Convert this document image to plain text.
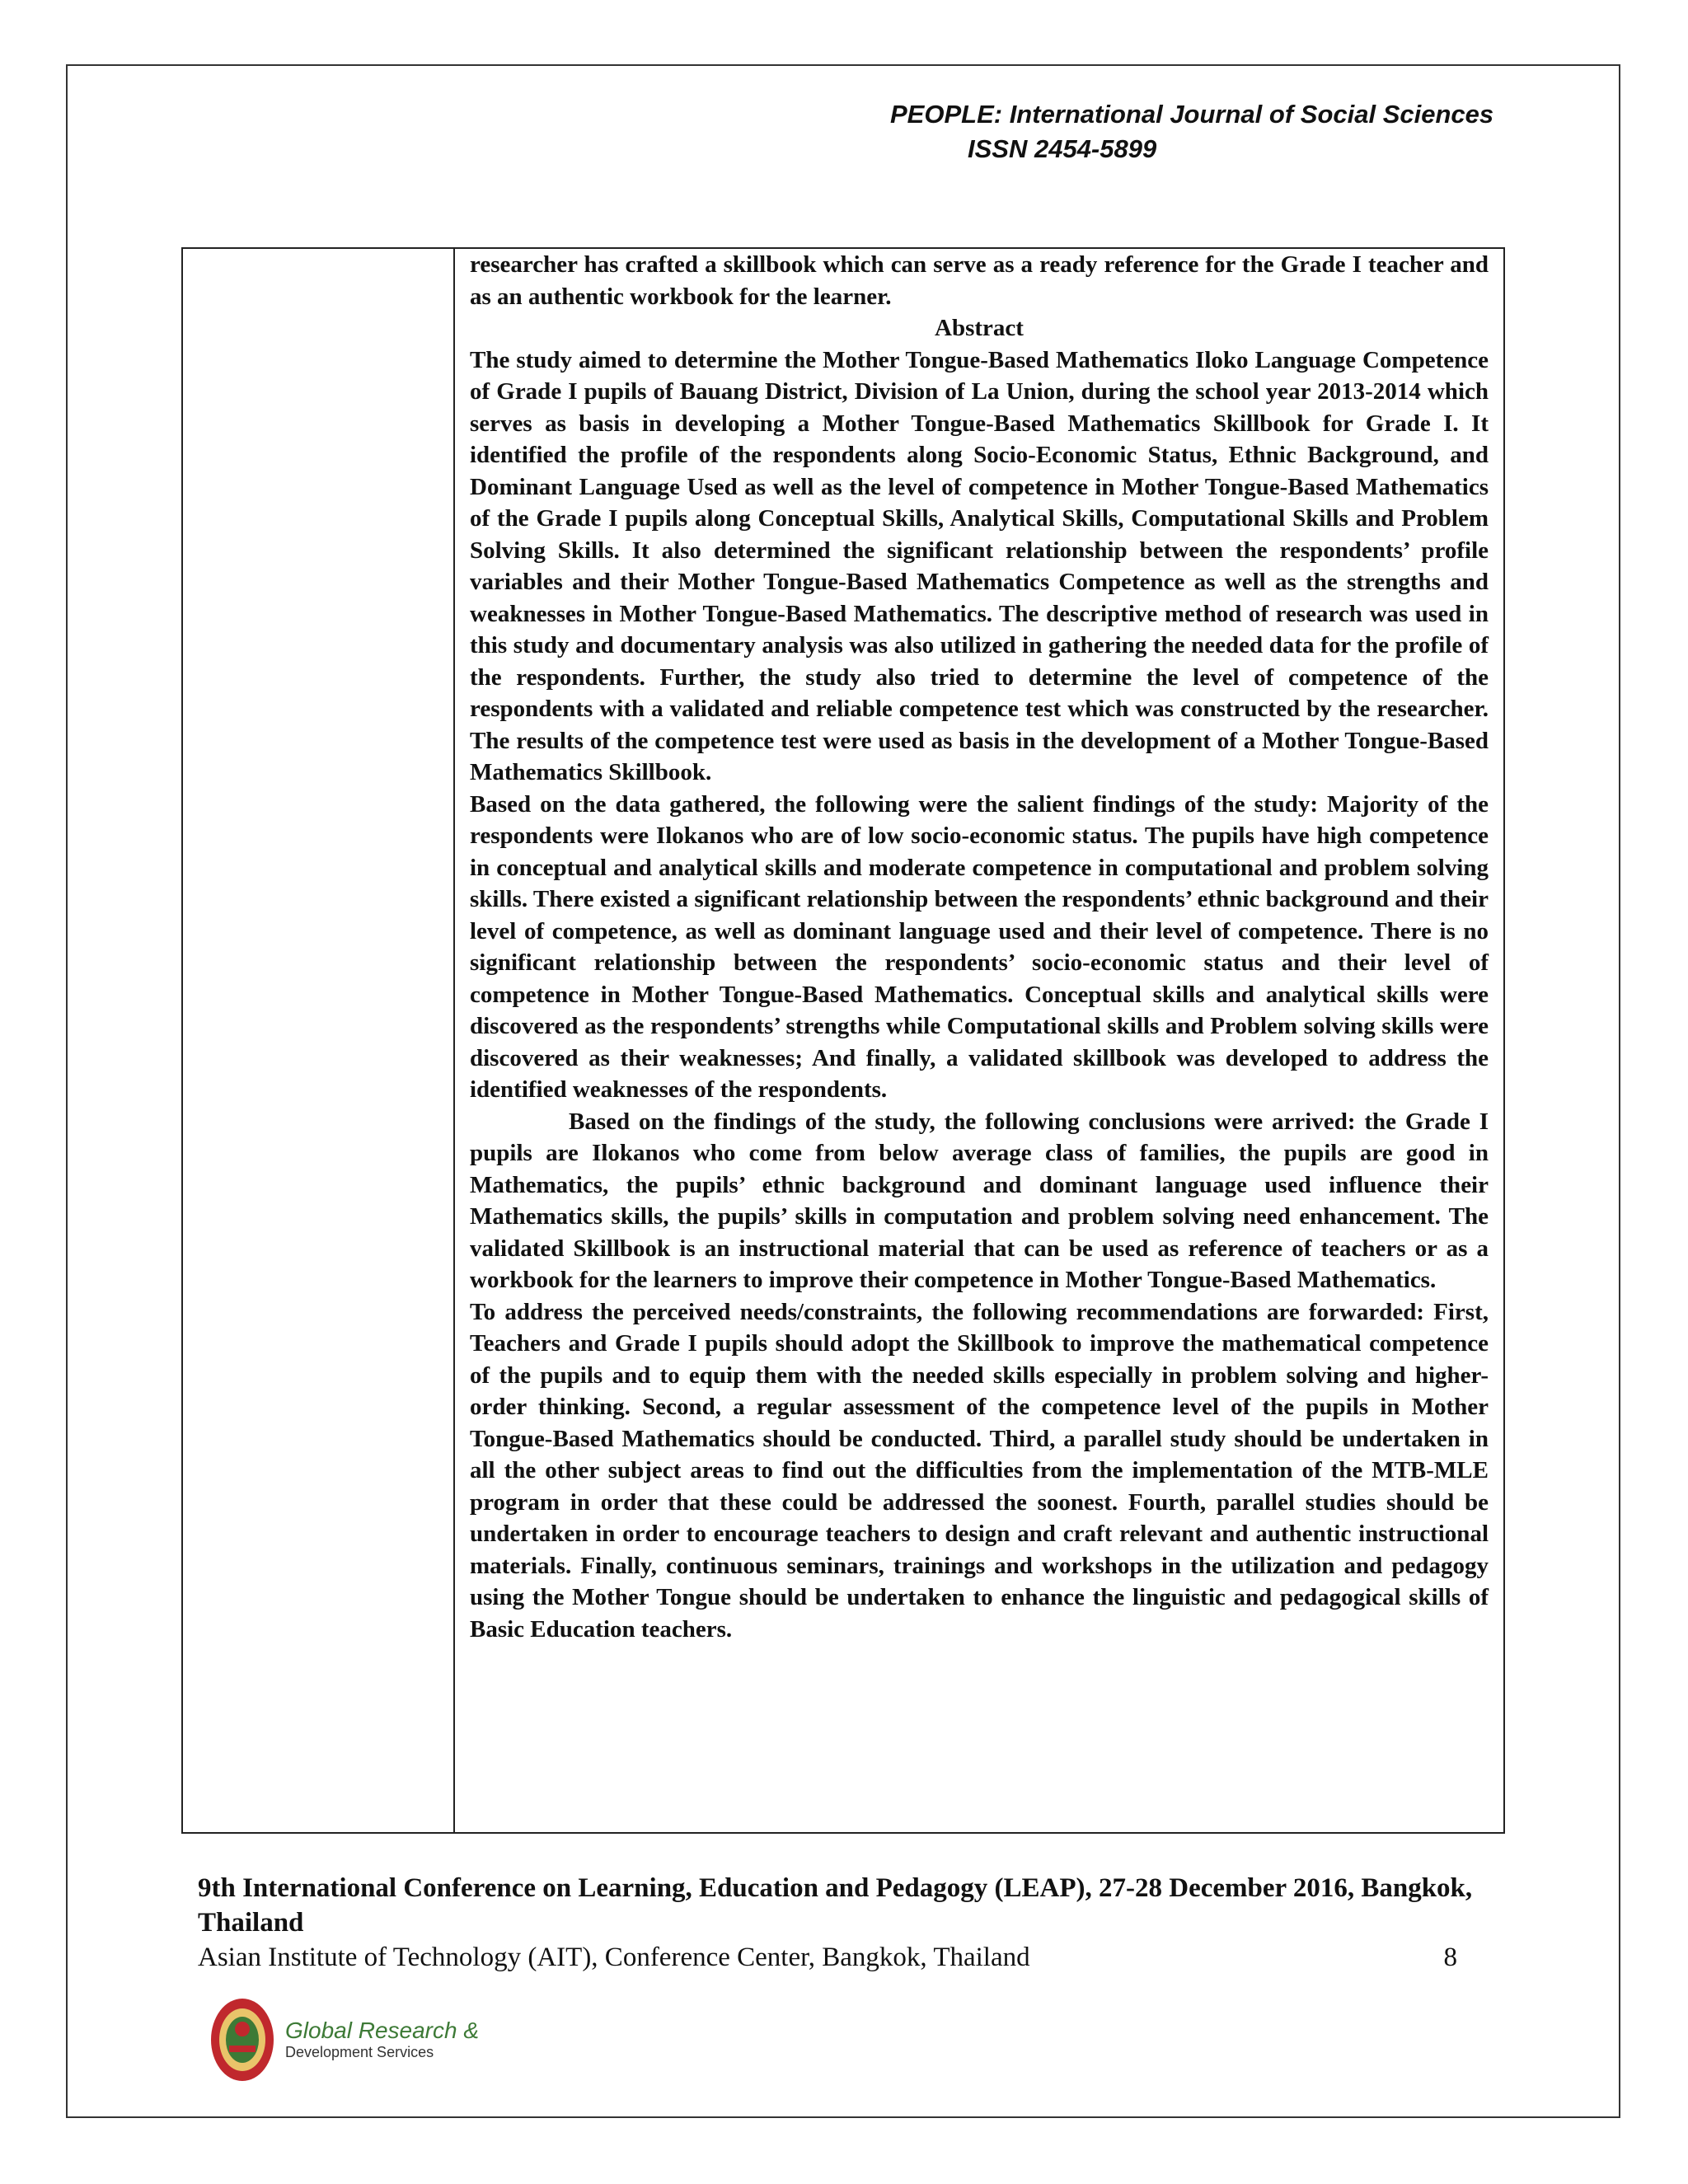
PEOPLE: International Journal of Social Sciences
ISSN 2454-5899

researcher has crafted a skillbook which can serve as a ready reference for the Grade I teacher and as an authentic workbook for the learner.

Abstract

The study aimed to determine the Mother Tongue-Based Mathematics Iloko Language Competence of Grade I pupils of Bauang District, Division of La Union, during the school year 2013-2014 which serves as basis in developing a Mother Tongue-Based Mathematics Skillbook for Grade I. It identified the profile of the respondents along Socio-Economic Status, Ethnic Background, and Dominant Language Used as well as the level of competence in Mother Tongue-Based Mathematics of the Grade I pupils along Conceptual Skills, Analytical Skills, Computational Skills and Problem Solving Skills. It also determined the significant relationship between the respondents’ profile variables and their Mother Tongue-Based Mathematics Competence as well as the strengths and weaknesses in Mother Tongue-Based Mathematics. The descriptive method of research was used in this study and documentary analysis was also utilized in gathering the needed data for the profile of the respondents. Further, the study also tried to determine the level of competence of the respondents with a validated and reliable competence test which was constructed by the researcher. The results of the competence test were used as basis in the development of a Mother Tongue-Based Mathematics Skillbook.

Based on the data gathered, the following were the salient findings of the study: Majority of the respondents were Ilokanos who are of low socio-economic status. The pupils have high competence in conceptual and analytical skills and moderate competence in computational and problem solving skills. There existed a significant relationship between the respondents’ ethnic background and their level of competence, as well as dominant language used and their level of competence. There is no significant relationship between the respondents’ socio-economic status and their level of competence in Mother Tongue-Based Mathematics. Conceptual skills and analytical skills were discovered as the respondents’ strengths while Computational skills and Problem solving skills were discovered as their weaknesses; And finally, a validated skillbook was developed to address the identified weaknesses of the respondents.

Based on the findings of the study, the following conclusions were arrived: the Grade I pupils are Ilokanos who come from below average class of families, the pupils are good in Mathematics, the pupils’ ethnic background and dominant language used influence their Mathematics skills, the pupils’ skills in computation and problem solving need enhancement. The validated Skillbook is an instructional material that can be used as reference of teachers or as a workbook for the learners to improve their competence in Mother Tongue-Based Mathematics.

To address the perceived needs/constraints, the following recommendations are forwarded: First, Teachers and Grade I pupils should adopt the Skillbook to improve the mathematical competence of the pupils and to equip them with the needed skills especially in problem solving and higher-order thinking. Second, a regular assessment of the competence level of the pupils in Mother Tongue-Based Mathematics should be conducted. Third, a parallel study should be undertaken in all the other subject areas to find out the difficulties from the implementation of the MTB-MLE program in order that these could be addressed the soonest. Fourth, parallel studies should be undertaken in order to encourage teachers to design and craft relevant and authentic instructional materials. Finally, continuous seminars, trainings and workshops in the utilization and pedagogy using the Mother Tongue should be undertaken to enhance the linguistic and pedagogical skills of Basic Education teachers.

9th International Conference on Learning, Education and Pedagogy (LEAP), 27-28 December 2016, Bangkok, Thailand
Asian Institute of Technology (AIT), Conference Center, Bangkok, Thailand	8
Global Research &
Development Services
